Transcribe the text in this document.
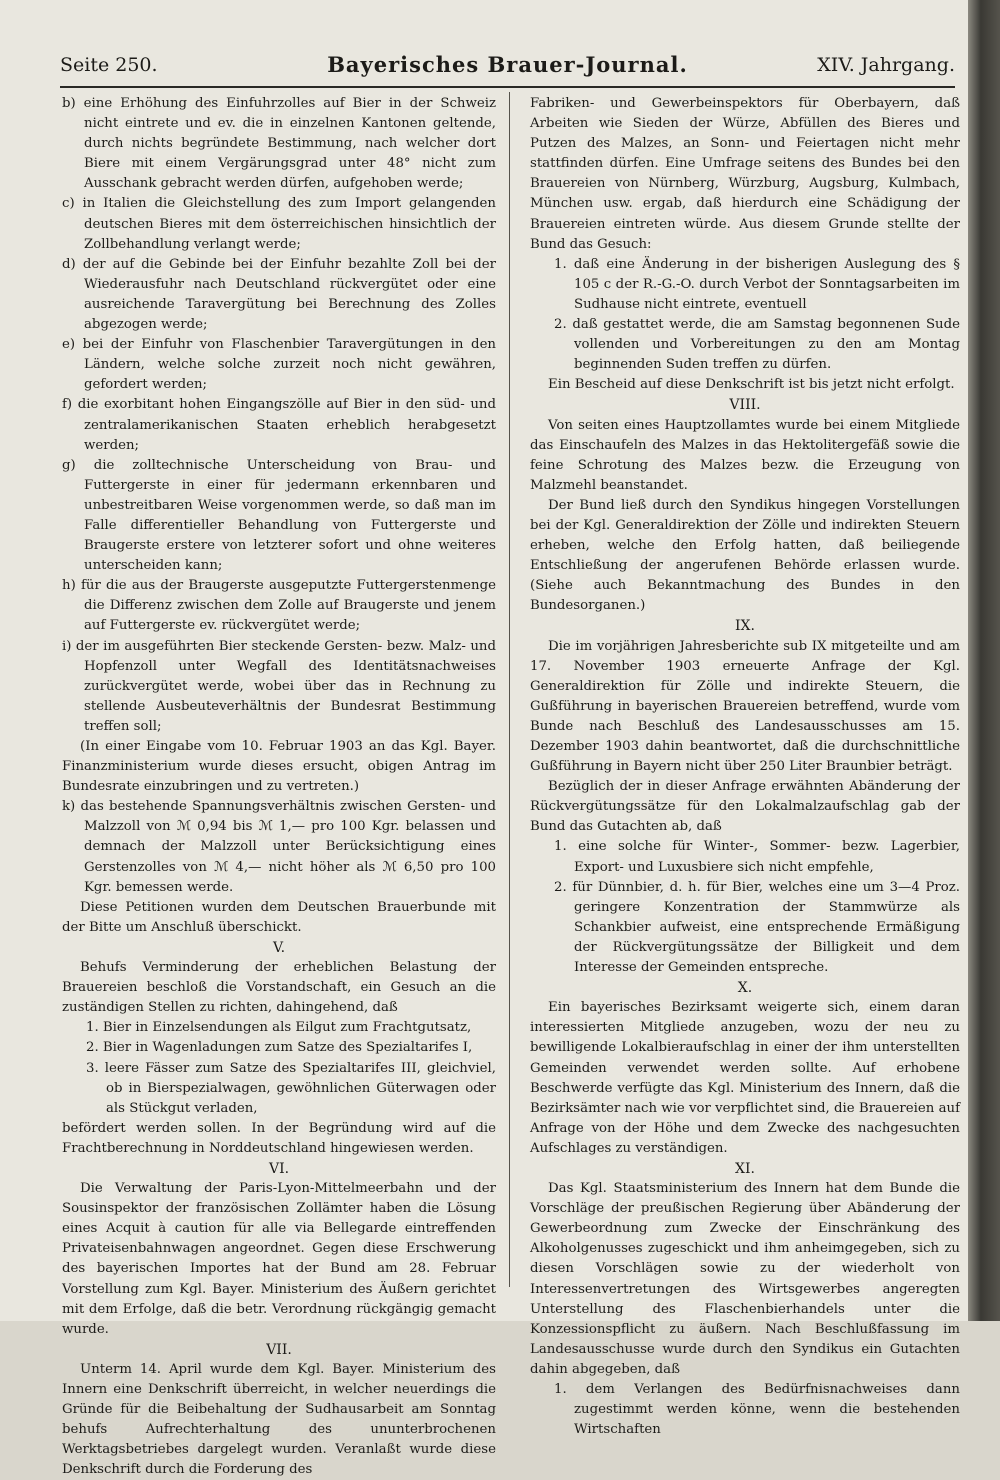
Seite 250.	Bayerisches Brauer-Journal.	XIV. Jahrgang.

b) eine Erhöhung des Einfuhrzolles auf Bier in der Schweiz nicht eintrete und ev. die in einzelnen Kantonen geltende, durch nichts begründete Bestimmung, nach welcher dort Biere mit einem Vergärungsgrad unter 48° nicht zum Ausschank gebracht werden dürfen, aufgehoben werde;

c) in Italien die Gleichstellung des zum Import gelangenden deutschen Bieres mit dem österreichischen hinsichtlich der Zollbehandlung verlangt werde;

d) der auf die Gebinde bei der Einfuhr bezahlte Zoll bei der Wiederausfuhr nach Deutschland rückvergütet oder eine ausreichende Taravergütung bei Berechnung des Zolles abgezogen werde;

e) bei der Einfuhr von Flaschenbier Taravergütungen in den Ländern, welche solche zurzeit noch nicht gewähren, gefordert werden;

f) die exorbitant hohen Eingangszölle auf Bier in den süd- und zentralamerikanischen Staaten erheblich herabgesetzt werden;

g) die zolltechnische Unterscheidung von Brau- und Futtergerste in einer für jedermann erkennbaren und unbestreitbaren Weise vorgenommen werde, so daß man im Falle differentieller Behandlung von Futtergerste und Braugerste erstere von letzterer sofort und ohne weiteres unterscheiden kann;

h) für die aus der Braugerste ausgeputzte Futtergerstenmenge die Differenz zwischen dem Zolle auf Braugerste und jenem auf Futtergerste ev. rückvergütet werde;

i) der im ausgeführten Bier steckende Gersten- bezw. Malz- und Hopfenzoll unter Wegfall des Identitätsnachweises zurückvergütet werde, wobei über das in Rechnung zu stellende Ausbeuteverhältnis der Bundesrat Bestimmung treffen soll;

(In einer Eingabe vom 10. Februar 1903 an das Kgl. Bayer. Finanzministerium wurde dieses ersucht, obigen Antrag im Bundesrate einzubringen und zu vertreten.)

k) das bestehende Spannungsverhältnis zwischen Gersten- und Malzzoll von ℳ 0,94 bis ℳ 1,— pro 100 Kgr. belassen und demnach der Malzzoll unter Berücksichtigung eines Gerstenzolles von ℳ 4,— nicht höher als ℳ 6,50 pro 100 Kgr. bemessen werde.

Diese Petitionen wurden dem Deutschen Brauerbunde mit der Bitte um Anschluß überschickt.

V.

Behufs Verminderung der erheblichen Belastung der Brauereien beschloß die Vorstandschaft, ein Gesuch an die zuständigen Stellen zu richten, dahingehend, daß

1. Bier in Einzelsendungen als Eilgut zum Frachtgutsatz,

2. Bier in Wagenladungen zum Satze des Spezialtarifes I,

3. leere Fässer zum Satze des Spezialtarifes III, gleichviel, ob in Bierspezialwagen, gewöhnlichen Güterwagen oder als Stückgut verladen,

befördert werden sollen. In der Begründung wird auf die Frachtberechnung in Norddeutschland hingewiesen werden.

VI.

Die Verwaltung der Paris-Lyon-Mittelmeerbahn und der Sousinspektor der französischen Zollämter haben die Lösung eines Acquit à caution für alle via Bellegarde eintreffenden Privateisenbahnwagen angeordnet. Gegen diese Erschwerung des bayerischen Importes hat der Bund am 28. Februar Vorstellung zum Kgl. Bayer. Ministerium des Äußern gerichtet mit dem Erfolge, daß die betr. Verordnung rückgängig gemacht wurde.

VII.

Unterm 14. April wurde dem Kgl. Bayer. Ministerium des Innern eine Denkschrift überreicht, in welcher neuerdings die Gründe für die Beibehaltung der Sudhausarbeit am Sonntag behufs Aufrechterhaltung des ununterbrochenen Werktagsbetriebes dargelegt wurden. Veranlaßt wurde diese Denkschrift durch die Forderung des

Fabriken- und Gewerbeinspektors für Oberbayern, daß Arbeiten wie Sieden der Würze, Abfüllen des Bieres und Putzen des Malzes, an Sonn- und Feiertagen nicht mehr stattfinden dürfen. Eine Umfrage seitens des Bundes bei den Brauereien von Nürnberg, Würzburg, Augsburg, Kulmbach, München usw. ergab, daß hierdurch eine Schädigung der Brauereien eintreten würde. Aus diesem Grunde stellte der Bund das Gesuch:

1. daß eine Änderung in der bisherigen Auslegung des § 105 c der R.-G.-O. durch Verbot der Sonntagsarbeiten im Sudhause nicht eintrete, eventuell

2. daß gestattet werde, die am Samstag begonnenen Sude vollenden und Vorbereitungen zu den am Montag beginnenden Suden treffen zu dürfen.

Ein Bescheid auf diese Denkschrift ist bis jetzt nicht erfolgt.

VIII.

Von seiten eines Hauptzollamtes wurde bei einem Mitgliede das Einschaufeln des Malzes in das Hektolitergefäß sowie die feine Schrotung des Malzes bezw. die Erzeugung von Malzmehl beanstandet.

Der Bund ließ durch den Syndikus hingegen Vorstellungen bei der Kgl. Generaldirektion der Zölle und indirekten Steuern erheben, welche den Erfolg hatten, daß beiliegende Entschließung der angerufenen Behörde erlassen wurde. (Siehe auch Bekanntmachung des Bundes in den Bundesorganen.)

IX.

Die im vorjährigen Jahresberichte sub IX mitgeteilte und am 17. November 1903 erneuerte Anfrage der Kgl. Generaldirektion für Zölle und indirekte Steuern, die Gußführung in bayerischen Brauereien betreffend, wurde vom Bunde nach Beschluß des Landesausschusses am 15. Dezember 1903 dahin beantwortet, daß die durchschnittliche Gußführung in Bayern nicht über 250 Liter Braunbier beträgt.

Bezüglich der in dieser Anfrage erwähnten Abänderung der Rückvergütungssätze für den Lokalmalzaufschlag gab der Bund das Gutachten ab, daß

1. eine solche für Winter-, Sommer- bezw. Lagerbier, Export- und Luxusbiere sich nicht empfehle,

2. für Dünnbier, d. h. für Bier, welches eine um 3—4 Proz. geringere Konzentration der Stammwürze als Schankbier aufweist, eine entsprechende Ermäßigung der Rückvergütungssätze der Billigkeit und dem Interesse der Gemeinden entspreche.

X.

Ein bayerisches Bezirksamt weigerte sich, einem daran interessierten Mitgliede anzugeben, wozu der neu zu bewilligende Lokalbieraufschlag in einer der ihm unterstellten Gemeinden verwendet werden sollte. Auf erhobene Beschwerde verfügte das Kgl. Ministerium des Innern, daß die Bezirksämter nach wie vor verpflichtet sind, die Brauereien auf Anfrage von der Höhe und dem Zwecke des nachgesuchten Aufschlages zu verständigen.

XI.

Das Kgl. Staatsministerium des Innern hat dem Bunde die Vorschläge der preußischen Regierung über Abänderung der Gewerbeordnung zum Zwecke der Einschränkung des Alkoholgenusses zugeschickt und ihm anheimgegeben, sich zu diesen Vorschlägen sowie zu der wiederholt von Interessenvertretungen des Wirtsgewerbes angeregten Unterstellung des Flaschenbierhandels unter die Konzessionspflicht zu äußern. Nach Beschlußfassung im Landesausschusse wurde durch den Syndikus ein Gutachten dahin abgegeben, daß

1. dem Verlangen des Bedürfnisnachweises dann zugestimmt werden könne, wenn die bestehenden Wirtschaften
